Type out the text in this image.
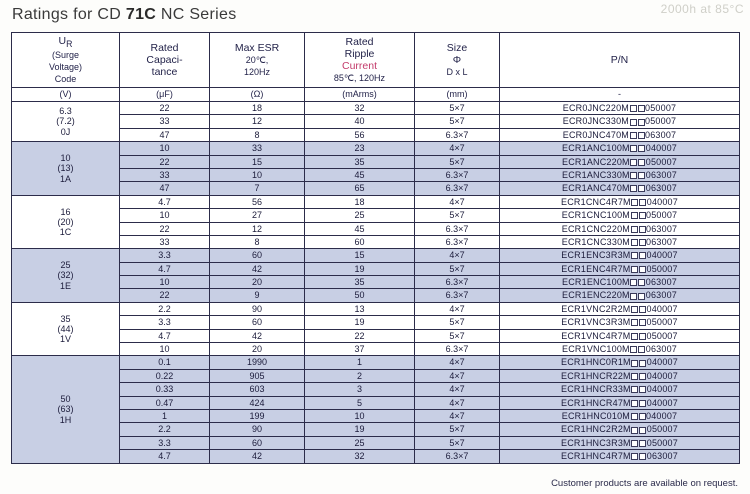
2000h at 85°C
Ratings for CD 71C NC Series
$U_R$
(Surge
Voltage)
Code	Rated
Capaci-
tance	Max ESR
20℃,
120Hz	Rated
Ripple
Current
85℃, 120Hz	Size
Φ
D x L	P/N
(V)	(μF)	(Ω)	(mArms)	(mm)	-
6.3
(7.2)
0J	22	18	32	5×7	ECR0JNC220M 050007
	33	12	40	5×7	ECR0JNC330M 050007
	47	8	56	6.3×7	ECR0JNC470M 063007
10
(13)
1A	10	33	23	4×7	ECR1ANC100M 040007
	22	15	35	5×7	ECR1ANC220M 050007
	33	10	45	6.3×7	ECR1ANC330M 063007
	47	7	65	6.3×7	ECR1ANC470M 063007
16
(20)
1C	4.7	56	18	4×7	ECR1CNC4R7M 040007
	10	27	25	5×7	ECR1CNC100M 050007
	22	12	45	6.3×7	ECR1CNC220M 063007
	33	8	60	6.3×7	ECR1CNC330M 063007
25
(32)
1E	3.3	60	15	4×7	ECR1ENC3R3M 040007
	4.7	42	19	5×7	ECR1ENC4R7M 050007
	10	20	35	6.3×7	ECR1ENC100M 063007
	22	9	50	6.3×7	ECR1ENC220M 063007
35
(44)
1V	2.2	90	13	4×7	ECR1VNC2R2M 040007
	3.3	60	19	5×7	ECR1VNC3R3M 050007
	4.7	42	22	5×7	ECR1VNC4R7M 050007
	10	20	37	6.3×7	ECR1VNC100M 063007
50
(63)
1H	0.1	1990	1	4×7	ECR1HNC0R1M 040007
	0.22	905	2	4×7	ECR1HNCR22M 040007
	0.33	603	3	4×7	ECR1HNCR33M 040007
	0.47	424	5	4×7	ECR1HNCR47M 040007
	1	199	10	4×7	ECR1HNC010M 040007
	2.2	90	19	5×7	ECR1HNC2R2M 050007
	3.3	60	25	5×7	ECR1HNC3R3M 050007
	4.7	42	32	6.3×7	ECR1HNC4R7M 063007
Customer products are available on request.
